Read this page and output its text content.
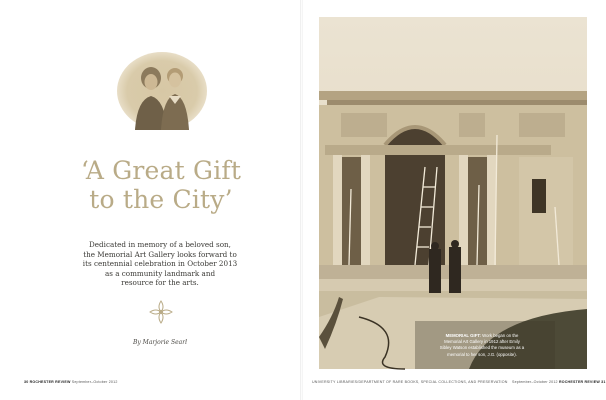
‘A Great Gift
to the City’
Dedicated in memory of a beloved son,
the Memorial Art Gallery looks forward to
its centennial celebration in October 2013
as a community landmark and
resource for the arts.
By Marjorie Searl
30 ROCHESTER REVIEW September–October 2012
MEMORIAL GIFT: Work began on the
Memorial Art Gallery in 1912 after Emily
Sibley Watson established the museum as a
memorial to her son, J.G. (opposite).
UNIVERSITY LIBRARIES/DEPARTMENT OF RARE BOOKS, SPECIAL COLLECTIONS, AND PRESERVATION September–October 2012 ROCHESTER REVIEW 31
